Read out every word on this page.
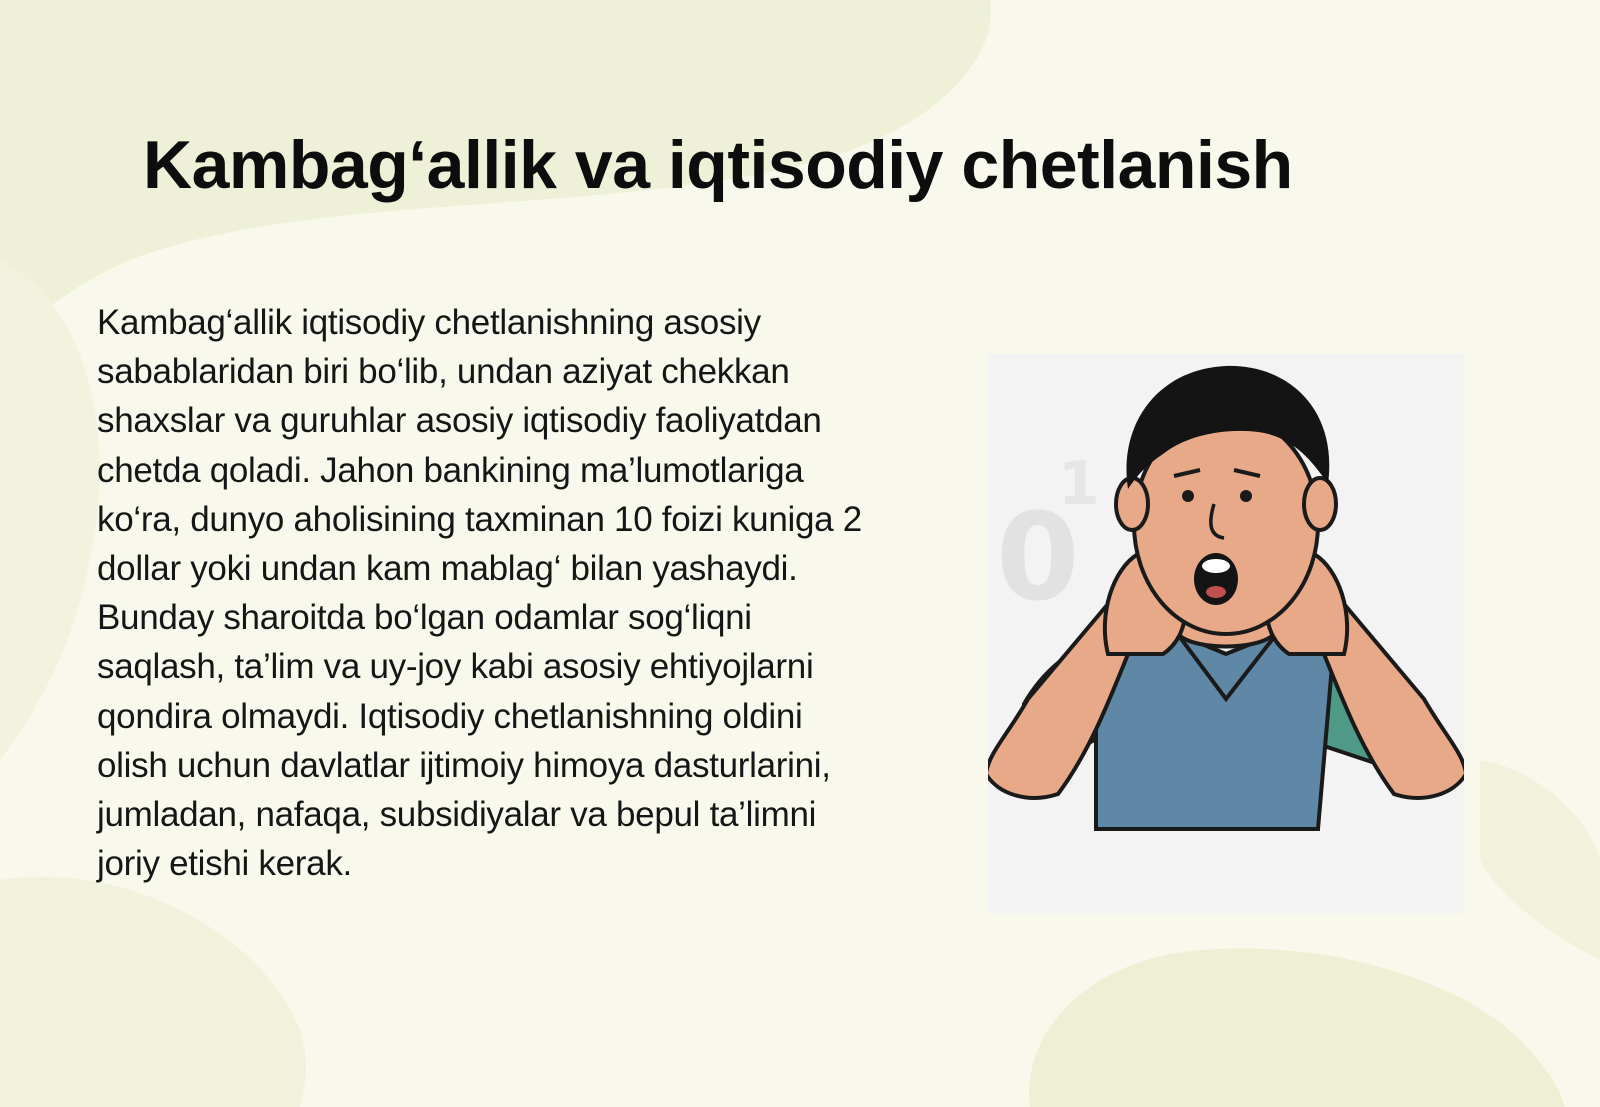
Kambag‘allik va iqtisodiy chetlanish

Kambag‘allik iqtisodiy chetlanishning asosiy sabablaridan biri bo‘lib, undan aziyat chekkan shaxslar va guruhlar asosiy iqtisodiy faoliyatdan chetda qoladi. Jahon bankining ma’lumotlariga ko‘ra, dunyo aholisining taxminan 10 foizi kuniga 2 dollar yoki undan kam mablag‘ bilan yashaydi. Bunday sharoitda bo‘lgan odamlar sog‘liqni saqlash, ta’lim va uy-joy kabi asosiy ehtiyojlarni qondira olmaydi. Iqtisodiy chetlanishning oldini olish uchun davlatlar ijtimoiy himoya dasturlarini, jumladan, nafaqa, subsidiyalar va bepul ta’limni joriy etishi kerak.

0
1
